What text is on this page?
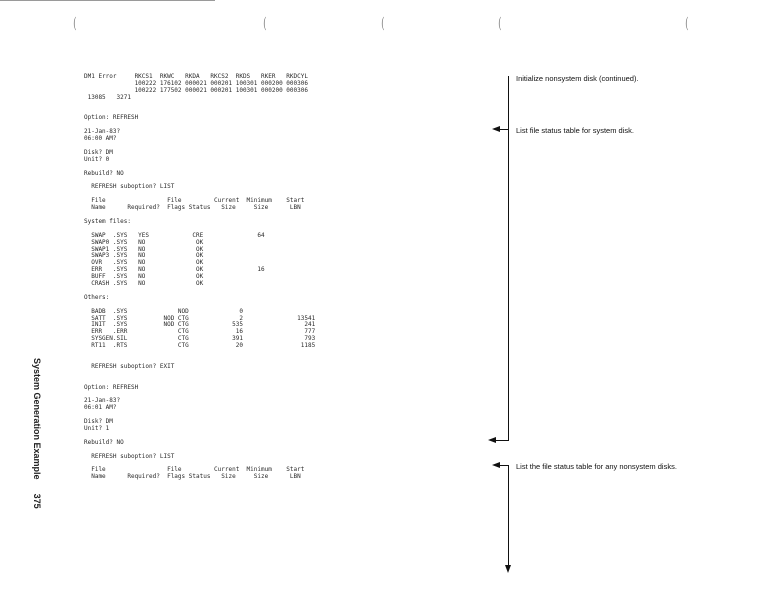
(	(	(	(	(
DM1 Error     RKCS1  RKWC   RKDA   RKCS2  RKDS   RKER   RKDCYL
100222 176102 000021 000201 100301 000200 000306
100222 177502 000021 000201 100301 000200 000306
13085   3271
Option: REFRESH
21-Jan-83?
06:00 AM?
Disk? DM
Unit? 0
Rebuild? NO
REFRESH suboption? LIST
File                 File         Current  Minimum    Start
Name      Required?  Flags Status   Size     Size      LBN
System files:
SWAP  .SYS   YES            CRE               64
SWAP0 .SYS   NO              OK
SWAP1 .SYS   NO              OK
SWAP3 .SYS   NO              OK
OVR   .SYS   NO              OK
ERR   .SYS   NO              OK               16
BUFF  .SYS   NO              OK
CRASH .SYS   NO              OK
Others:
BADB  .SYS              NOD              0
SATT  .SYS          NOD CTG              2               13541
INIT  .SYS          NOD CTG            535                 241
ERR   .ERR              CTG             16                 777
SYSGEN.SIL              CTG            391                 793
RT11  .RTS              CTG             20                1185
REFRESH suboption? EXIT
Option: REFRESH
21-Jan-83?
06:01 AM?
Disk? DM
Unit? 1
Rebuild? NO
REFRESH suboption? LIST
File                 File         Current  Minimum    Start
Name      Required?  Flags Status   Size     Size      LBN
Initialize nonsystem disk (continued).
List file status table for system disk.
List the file status table for any nonsystem disks.
System Generation Example375
